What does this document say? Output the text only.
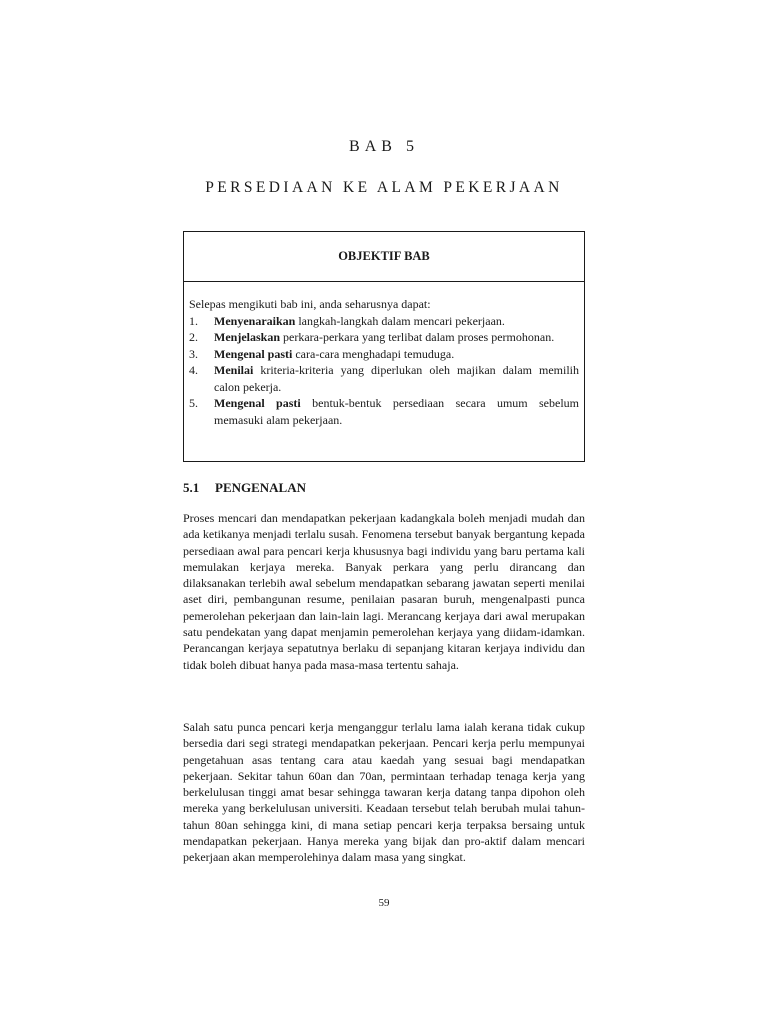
BAB 5
PERSEDIAAN KE ALAM PEKERJAAN
OBJEKTIF BAB
Selepas mengikuti bab ini, anda seharusnya dapat:
1.	Menyenaraikan langkah-langkah dalam mencari pekerjaan.
2.	Menjelaskan perkara-perkara yang terlibat dalam proses permohonan.
3.	Mengenal pasti cara-cara menghadapi temuduga.
4.	Menilai kriteria-kriteria yang diperlukan oleh majikan dalam memilih calon pekerja.
5.	Mengenal pasti bentuk-bentuk persediaan secara umum sebelum memasuki alam pekerjaan.
5.1 PENGENALAN

Proses mencari dan mendapatkan pekerjaan kadangkala boleh menjadi mudah dan ada ketikanya menjadi terlalu susah. Fenomena tersebut banyak bergantung kepada persediaan awal para pencari kerja khususnya bagi individu yang baru pertama kali memulakan kerjaya mereka. Banyak perkara yang perlu dirancang dan dilaksanakan terlebih awal sebelum mendapatkan sebarang jawatan seperti menilai aset diri, pembangunan resume, penilaian pasaran buruh, mengenalpasti punca pemerolehan pekerjaan dan lain-lain lagi. Merancang kerjaya dari awal merupakan satu pendekatan yang dapat menjamin pemerolehan kerjaya yang diidam-idamkan. Perancangan kerjaya sepatutnya berlaku di sepanjang kitaran kerjaya individu dan tidak boleh dibuat hanya pada masa-masa tertentu sahaja.

Salah satu punca pencari kerja menganggur terlalu lama ialah kerana tidak cukup bersedia dari segi strategi mendapatkan pekerjaan. Pencari kerja perlu mempunyai pengetahuan asas tentang cara atau kaedah yang sesuai bagi mendapatkan pekerjaan. Sekitar tahun 60an dan 70an, permintaan terhadap tenaga kerja yang berkelulusan tinggi amat besar sehingga tawaran kerja datang tanpa dipohon oleh mereka yang berkelulusan universiti. Keadaan tersebut telah berubah mulai tahun-tahun 80an sehingga kini, di mana setiap pencari kerja terpaksa bersaing untuk mendapatkan pekerjaan. Hanya mereka yang bijak dan pro-aktif dalam mencari pekerjaan akan memperolehinya dalam masa yang singkat.

59
